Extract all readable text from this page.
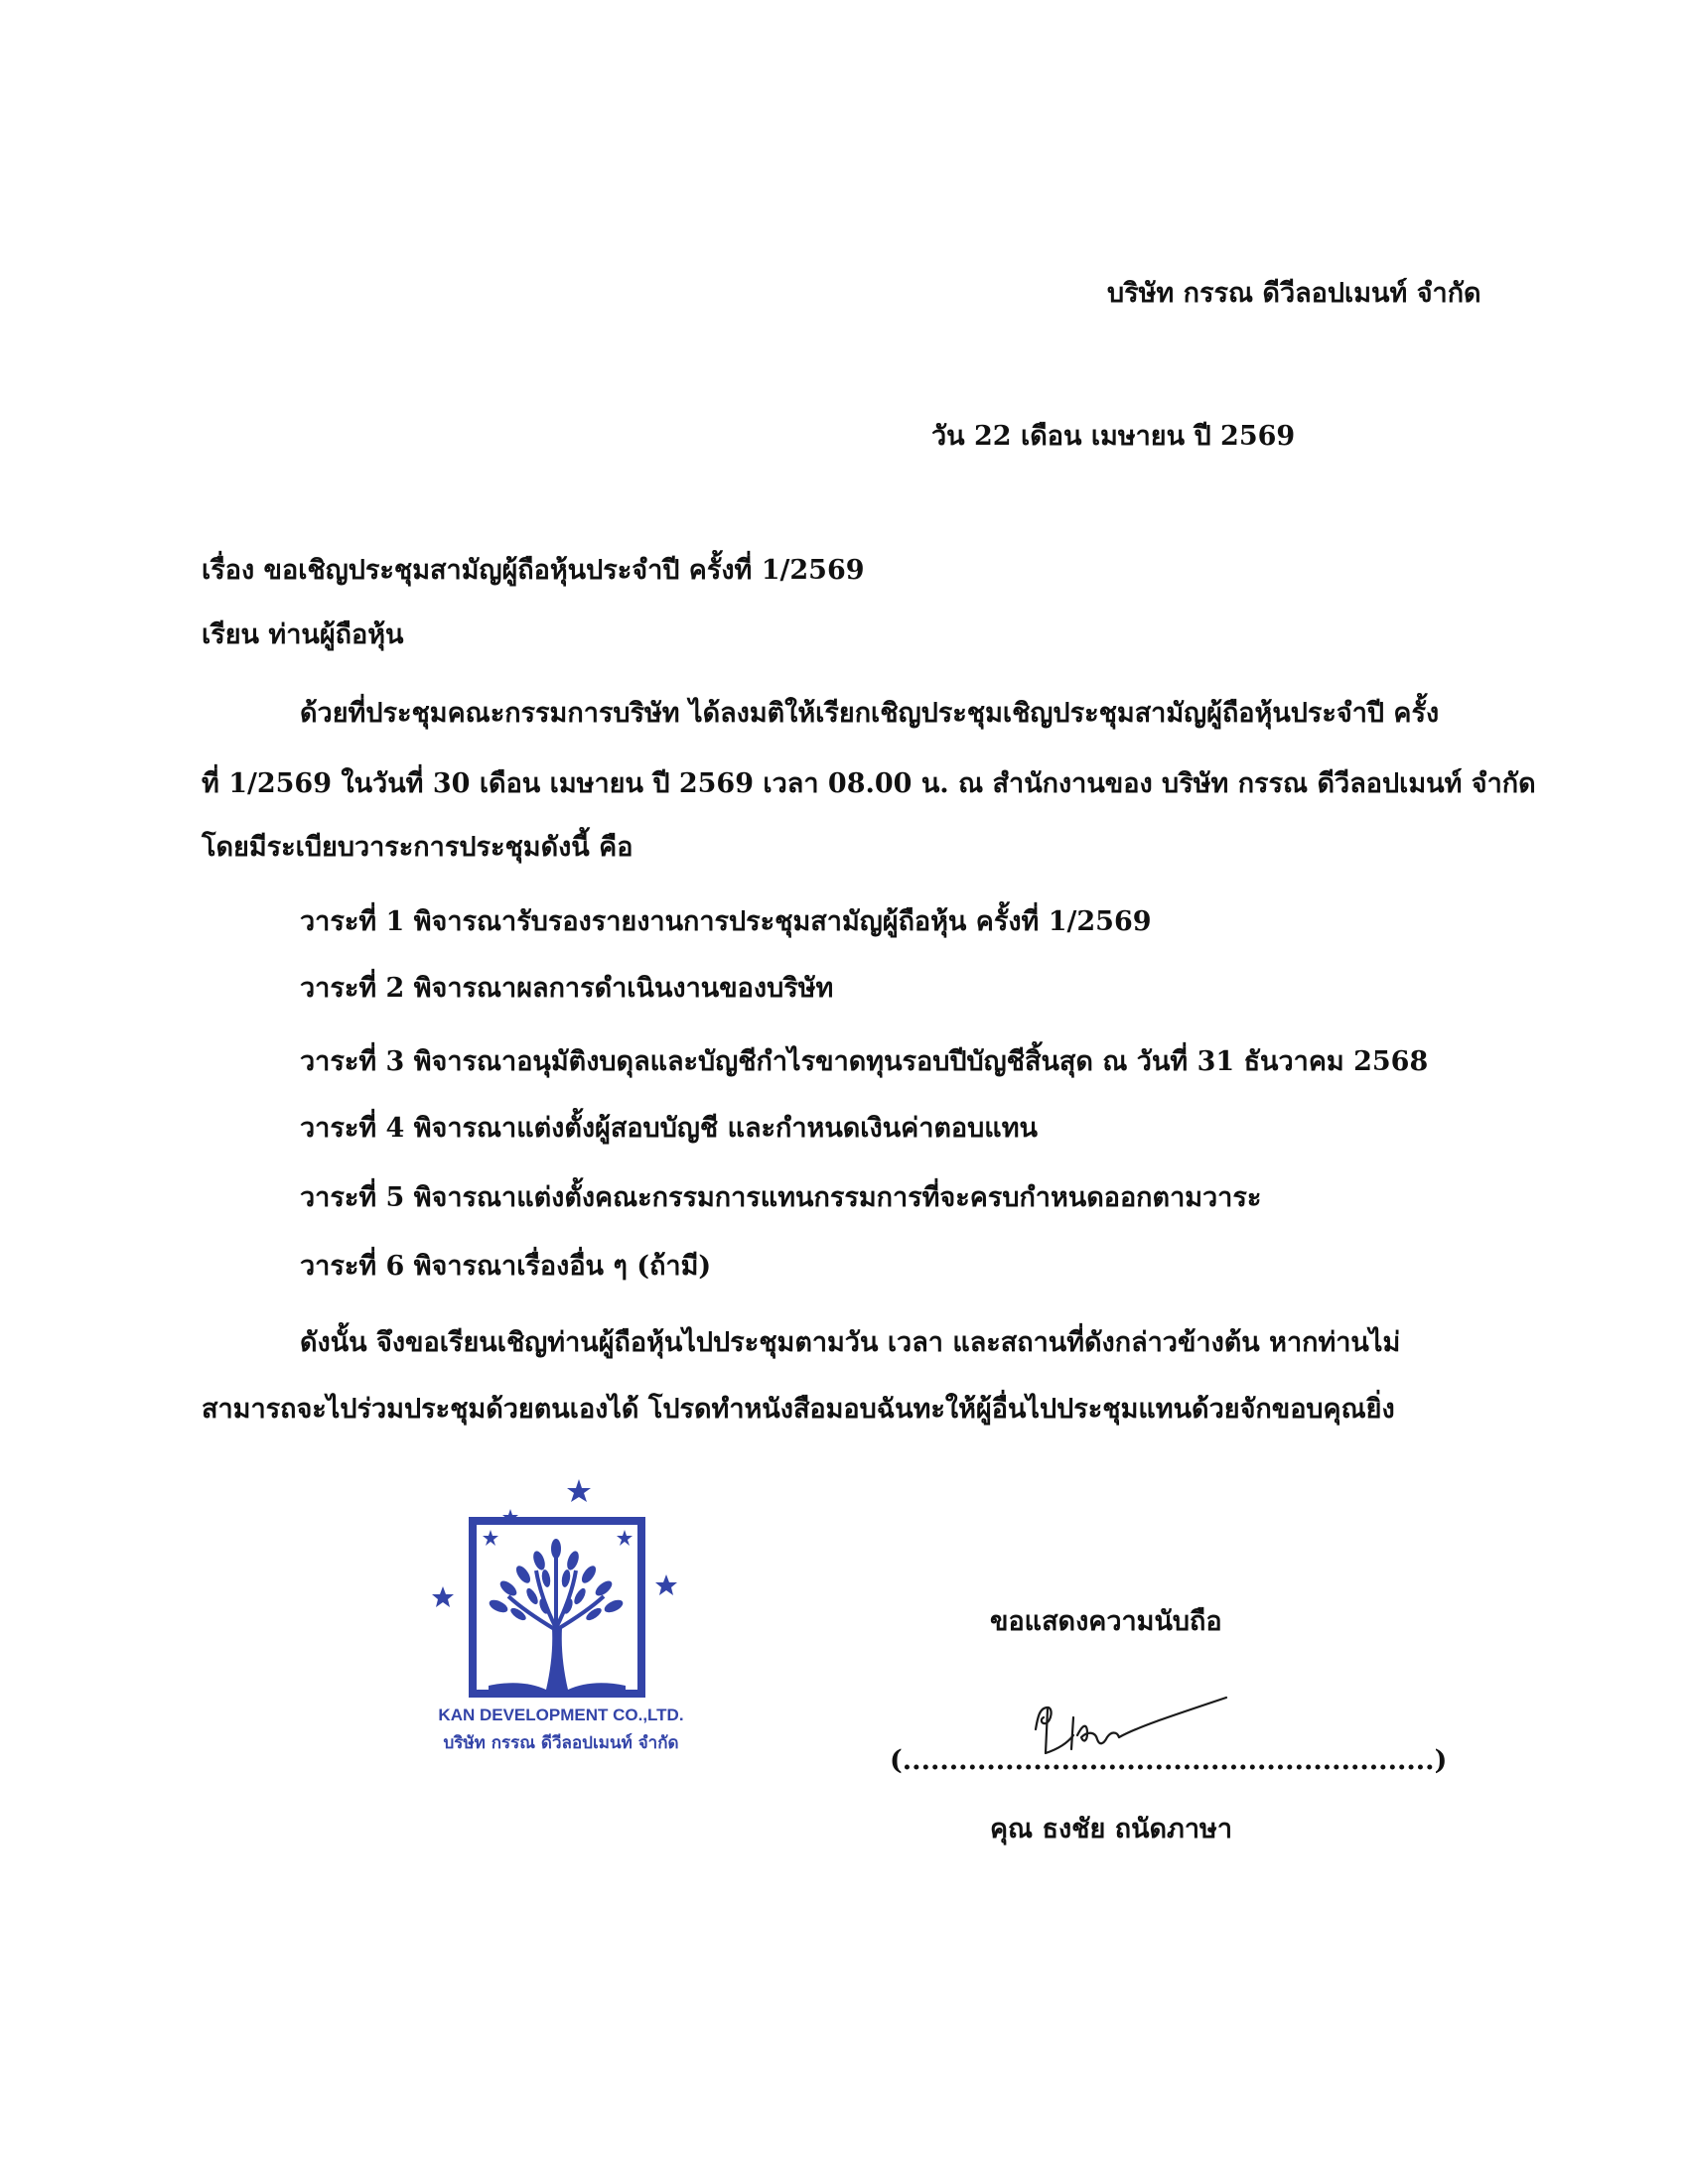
บริษัท กรรณ ดีวีลอปเมนท์ จำกัด
วัน 22 เดือน เมษายน ปี 2569
เรื่อง ขอเชิญประชุมสามัญผู้ถือหุ้นประจำปี ครั้งที่ 1/2569
เรียน ท่านผู้ถือหุ้น
ด้วยที่ประชุมคณะกรรมการบริษัท ได้ลงมติให้เรียกเชิญประชุมเชิญประชุมสามัญผู้ถือหุ้นประจำปี ครั้ง
ที่ 1/2569 ในวันที่ 30 เดือน เมษายน ปี 2569 เวลา 08.00 น. ณ สำนักงานของ บริษัท กรรณ ดีวีลอปเมนท์ จำกัด
โดยมีระเบียบวาระการประชุมดังนี้ คือ
วาระที่ 1 พิจารณารับรองรายงานการประชุมสามัญผู้ถือหุ้น ครั้งที่ 1/2569
วาระที่ 2 พิจารณาผลการดำเนินงานของบริษัท
วาระที่ 3 พิจารณาอนุมัติงบดุลและบัญชีกำไรขาดทุนรอบปีบัญชีสิ้นสุด ณ วันที่ 31 ธันวาคม 2568
วาระที่ 4 พิจารณาแต่งตั้งผู้สอบบัญชี และกำหนดเงินค่าตอบแทน
วาระที่ 5 พิจารณาแต่งตั้งคณะกรรมการแทนกรรมการที่จะครบกำหนดออกตามวาระ
วาระที่ 6 พิจารณาเรื่องอื่น ๆ (ถ้ามี)
ดังนั้น จึงขอเรียนเชิญท่านผู้ถือหุ้นไปประชุมตามวัน เวลา และสถานที่ดังกล่าวข้างต้น หากท่านไม่
สามารถจะไปร่วมประชุมด้วยตนเองได้ โปรดทำหนังสือมอบฉันทะให้ผู้อื่นไปประชุมแทนด้วยจักขอบคุณยิ่ง
KAN DEVELOPMENT CO.,LTD.
บริษัท กรรณ ดีวีลอปเมนท์ จำกัด
ขอแสดงความนับถือ
(.........................................................)
คุณ ธงชัย ถนัดภาษา
